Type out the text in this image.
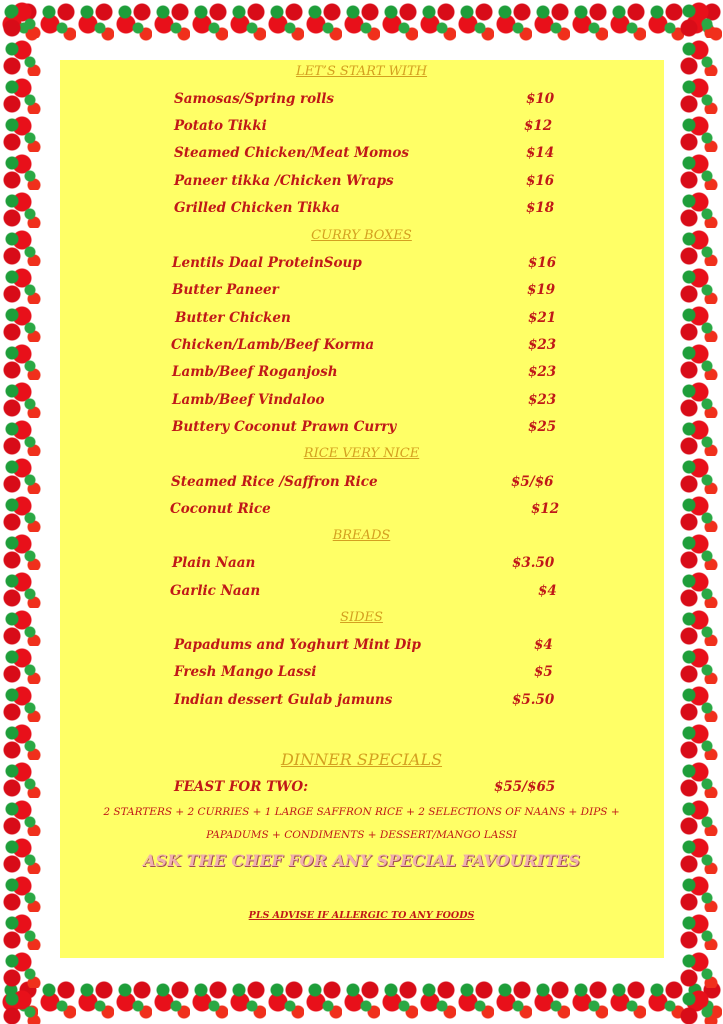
LET’S START WITH
Samosas/Spring rolls	$10
Potato Tikki	$12
Steamed Chicken/Meat Momos	$14
Paneer tikka /Chicken Wraps	$16
Grilled Chicken Tikka	$18
CURRY BOXES
Lentils Daal ProteinSoup	$16
Butter Paneer	$19
Butter Chicken	$21
Chicken/Lamb/Beef Korma	$23
Lamb/Beef Roganjosh	$23
Lamb/Beef Vindaloo	$23
Buttery Coconut Prawn Curry	$25
RICE VERY NICE
Steamed Rice /Saffron Rice	$5/$6
Coconut Rice	$12
BREADS
Plain Naan	$3.50
Garlic Naan	$4
SIDES
Papadums and Yoghurt Mint Dip	$4
Fresh Mango Lassi	$5
Indian dessert Gulab jamuns	$5.50
DINNER SPECIALS
FEAST FOR TWO:	$55/$65
2 STARTERS + 2 CURRIES + 1 LARGE SAFFRON RICE + 2 SELECTIONS OF NAANS + DIPS +
PAPADUMS + CONDIMENTS + DESSERT/MANGO LASSI
ASK THE CHEF FOR ANY SPECIAL FAVOURITES
PLS ADVISE IF ALLERGIC TO ANY FOODS
